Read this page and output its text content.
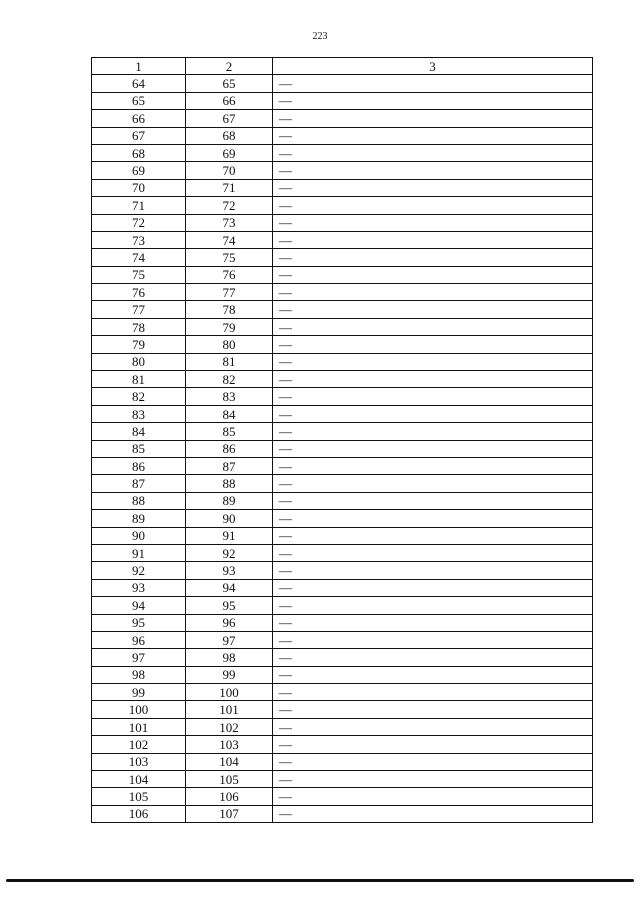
223
1	2	3
64	65	—
65	66	—
66	67	—
67	68	—
68	69	—
69	70	—
70	71	—
71	72	—
72	73	—
73	74	—
74	75	—
75	76	—
76	77	—
77	78	—
78	79	—
79	80	—
80	81	—
81	82	—
82	83	—
83	84	—
84	85	—
85	86	—
86	87	—
87	88	—
88	89	—
89	90	—
90	91	—
91	92	—
92	93	—
93	94	—
94	95	—
95	96	—
96	97	—
97	98	—
98	99	—
99	100	—
100	101	—
101	102	—
102	103	—
103	104	—
104	105	—
105	106	—
106	107	—
